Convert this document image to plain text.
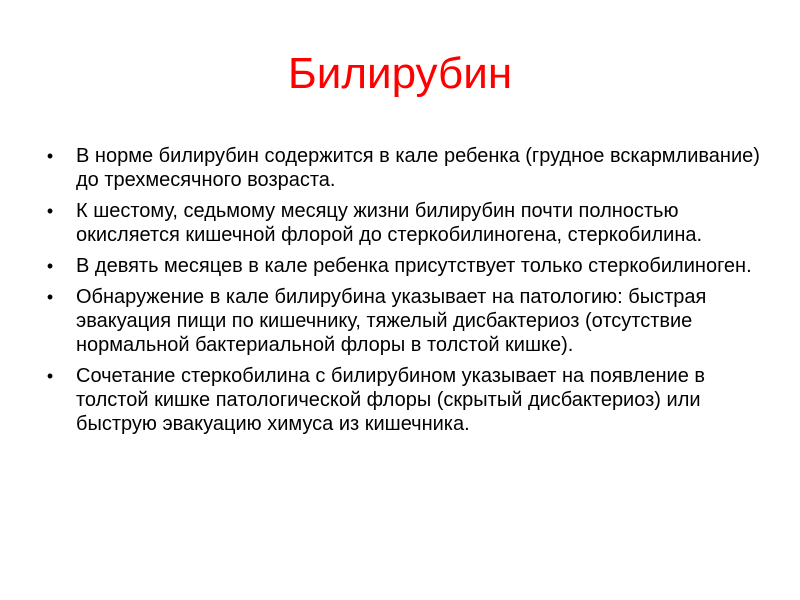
Билирубин
•	В норме билирубин содержится в кале ребенка (грудное вскармливание) до трехмесячного возраста.
•	К шестому, седьмому месяцу жизни билирубин почти полностью окисляется кишечной флорой до стеркобилиногена, стеркобилина.
•	В девять месяцев в кале ребенка присутствует только стеркобилиноген.
•	Обнаружение в кале билирубина указывает на патологию: быстрая эвакуация пищи по кишечнику, тяжелый дисбактериоз (отсутствие нормальной бактериальной флоры в толстой кишке).
•	Сочетание стеркобилина с билирубином указывает на появление в толстой кишке патологической флоры (скрытый дисбактериоз) или быструю эвакуацию химуса из кишечника.
